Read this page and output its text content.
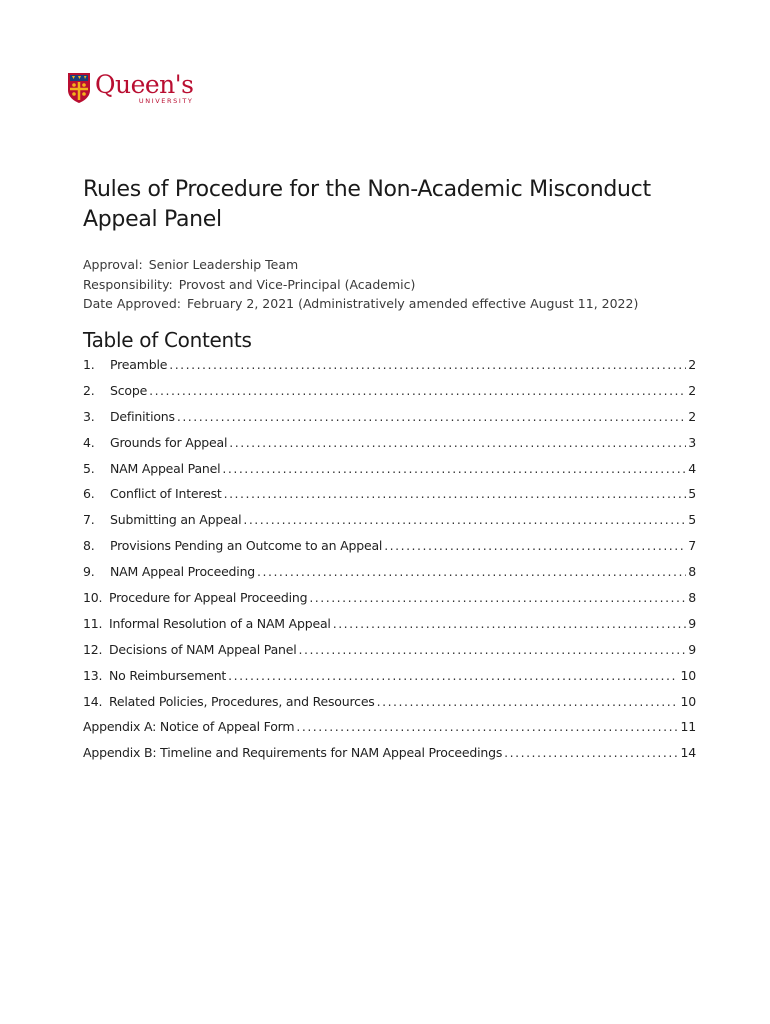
Queen's
UNIVERSITY
Rules of Procedure for the Non-Academic Misconduct Appeal Panel
Approval: Senior Leadership Team
Responsibility: Provost and Vice-Principal (Academic)
Date Approved: February 2, 2021 (Administratively amended effective August 11, 2022)
Table of Contents
1.	Preamble .....	2
2.	Scope .....	2
3.	Definitions .....	2
4.	Grounds for Appeal .....	3
5.	NAM Appeal Panel .....	4
6.	Conflict of Interest .....	5
7.	Submitting an Appeal .....	5
8.	Provisions Pending an Outcome to an Appeal .....	7
9.	NAM Appeal Proceeding .....	8
10. Procedure for Appeal Proceeding .....	8
11. Informal Resolution of a NAM Appeal .....	9
12. Decisions of NAM Appeal Panel .....	9
13. No Reimbursement .....	10
14. Related Policies, Procedures, and Resources .....	10
Appendix A: Notice of Appeal Form .....	11
Appendix B: Timeline and Requirements for NAM Appeal Proceedings .....	14
